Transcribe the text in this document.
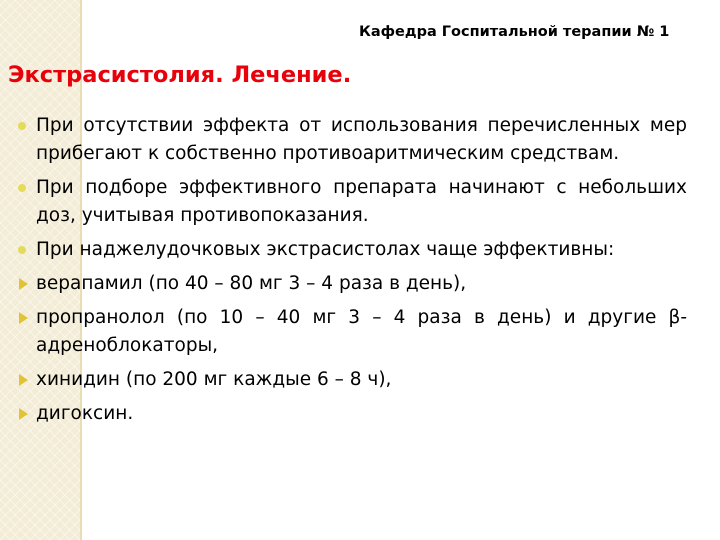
Кафедра Госпитальной терапии № 1
Экстрасистолия. Лечение.
При отсутствии эффекта от использования перечисленных мер прибегают к собственно противоаритмическим средствам.
При подборе эффективного препарата начинают с небольших доз, учитывая противопоказания.
При наджелудочковых экстрасистолах чаще эффективны:
верапамил (по 40 – 80 мг 3 – 4 раза в день),
пропранолол (по 10 – 40 мг 3 – 4 раза в день) и другие β-адреноблокаторы,
хинидин (по 200 мг каждые 6 – 8 ч),
дигоксин.
